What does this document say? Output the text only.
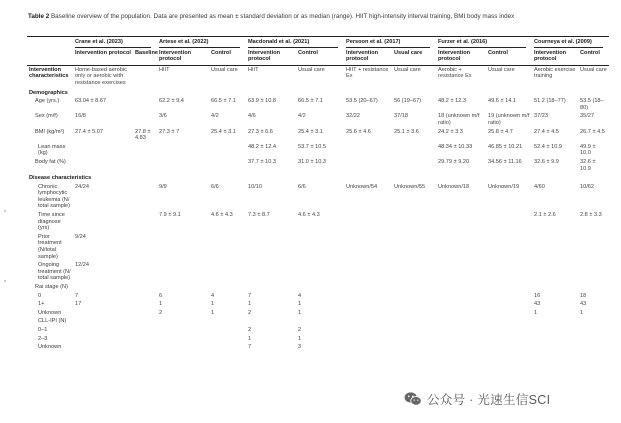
Table 2 Baseline overview of the population. Data are presented as mean ± standard deviation or as median (range). HIIT high-intensity interval training, BMI body mass index

	Crane et al. (2023)		Artese et al. (2022)		Macdonald et al. (2021)		Persoon et al. (2017)		Furzer et al. (2016)		Courneya et al. (2009)	

	Intervention protocol	Baseline	Intervention protocol	Control	Intervention protocol	Control	Intervention protocol	Usual care	Intervention protocol	Control	Intervention protocol	Control
Intervention characteristics	Home-based aerobic only or aerobic with resistance exercises		HIIT	Usual care	HIIT	Usual care	HIIT + resistance Ex	Usual care	Aerobic + resistance Ex	Usual care	Aerobic exercise training	Usual care
Demographics												
Age (yrs.)	63.04 ± 8.67		62.2 ± 9.4	66.5 ± 7.1	63.9 ± 10.8	66.5 ± 7.1	53.5 (20–67)	56 (19–67)	48.2 ± 12.3	49.6 ± 14.1	51.2 (18–77)	53.5 (18–80)
Sex (m/f)	16/8		3/6	4/2	4/6	4/2	32/22	37/18	18 (unknown m/f ratio)	19 (unknown m/f ratio)	37/23	35/27
BMI (kg/m²)	27.4 ± 5.07	27.8 ± 4.83	27.3 ± 7	25.4 ± 3.1	27.3 ± 6.6	25.4 ± 3.1	25.6 ± 4.6	25.1 ± 3.6	24.2 ± 3.3	25.8 ± 4.7	27.4 ± 4.5	26.7 ± 4.5
Lean mass (kg)					48.2 ± 12.4	53.7 ± 10.5			48.34 ± 10.33	46.85 ± 10.21	52.4 ± 10.9	49.9 ± 10.0
Body fat (%)					37.7 ± 10.3	31.0 ± 10.3			29.79 ± 9.20	34.56 ± 11.16	32.6 ± 9.9	32.6 ± 10.9
Disease characteristics												
Chronic lymphocytic leukemia (N/ total sample)	24/24		9/9	6/6	10/10	6/6	Unknown/54	Unknown/55	Unknown/18	Unknown/19	4/60	10/62
Time since diagnose (yrs)			7.9 ± 9.1	4.6 ± 4.3	7.3 ± 8.7	4.6 ± 4.3					2.1 ± 2.6	2.8 ± 3.3
Prior treatment (N/total sample)	9/24											
Ongoing treatment (N/ total sample)	12/24											
Rai stage (N)												
0	7		6	4	7	4					16	18
1+	17		1	1	1	1					43	43
Unknown			2	1	2	1					1	1
CLL-IPI (N)												
0–1					2	2						
2–3					1	1						
Unknown					7	3						
公众号 · 光速生信SCI
